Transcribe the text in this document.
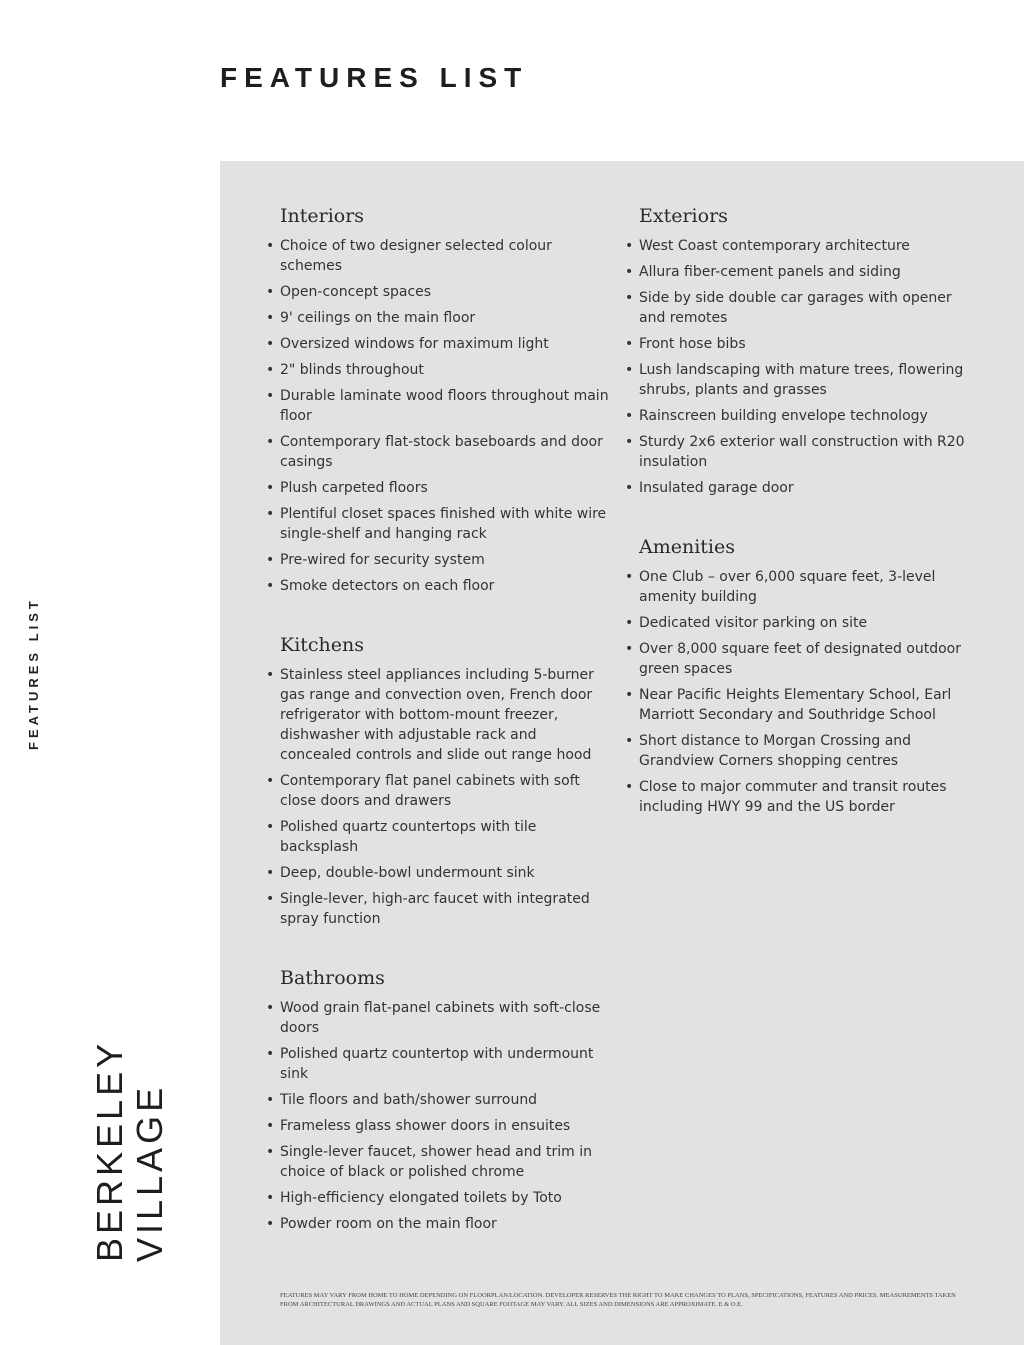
FEATURES LIST
FEATURES LIST
BERKELEY VILLAGE
Interiors
• Choice of two designer selected colour schemes
• Open-concept spaces
• 9' ceilings on the main floor
• Oversized windows for maximum light
• 2" blinds throughout
• Durable laminate wood floors throughout main floor
• Contemporary flat-stock baseboards and door casings
• Plush carpeted floors
• Plentiful closet spaces finished with white wire single-shelf and hanging rack
• Pre-wired for security system
• Smoke detectors on each floor
Kitchens
• Stainless steel appliances including 5-burner gas range and convection oven, French door refrigerator with bottom-mount freezer, dishwasher with adjustable rack and concealed controls and slide out range hood
• Contemporary flat panel cabinets with soft close doors and drawers
• Polished quartz countertops with tile backsplash
• Deep, double-bowl undermount sink
• Single-lever, high-arc faucet with integrated spray function
Bathrooms
• Wood grain flat-panel cabinets with soft-close doors
• Polished quartz countertop with undermount sink
• Tile floors and bath/shower surround
• Frameless glass shower doors in ensuites
• Single-lever faucet, shower head and trim in choice of black or polished chrome
• High-efficiency elongated toilets by Toto
• Powder room on the main floor
Exteriors
• West Coast contemporary architecture
• Allura fiber-cement panels and siding
• Side by side double car garages with opener and remotes
• Front hose bibs
• Lush landscaping with mature trees, flowering shrubs, plants and grasses
• Rainscreen building envelope technology
• Sturdy 2x6 exterior wall construction with R20 insulation
• Insulated garage door
Amenities
• One Club – over 6,000 square feet, 3-level amenity building
• Dedicated visitor parking on site
• Over 8,000 square feet of designated outdoor green spaces
• Near Pacific Heights Elementary School, Earl Marriott Secondary and Southridge School
• Short distance to Morgan Crossing and Grandview Corners shopping centres
• Close to major commuter and transit routes including HWY 99 and the US border
FEATURES MAY VARY FROM HOME TO HOME DEPENDING ON FLOORPLAN/LOCATION. DEVELOPER RESERVES THE RIGHT TO MAKE CHANGES TO PLANS, SPECIFICATIONS, FEATURES AND PRICES. MEASUREMENTS TAKEN FROM ARCHITECTURAL DRAWINGS AND ACTUAL PLANS AND SQUARE FOOTAGE MAY VARY. ALL SIZES AND DIMENSIONS ARE APPROXIMATE. E & O.E.
